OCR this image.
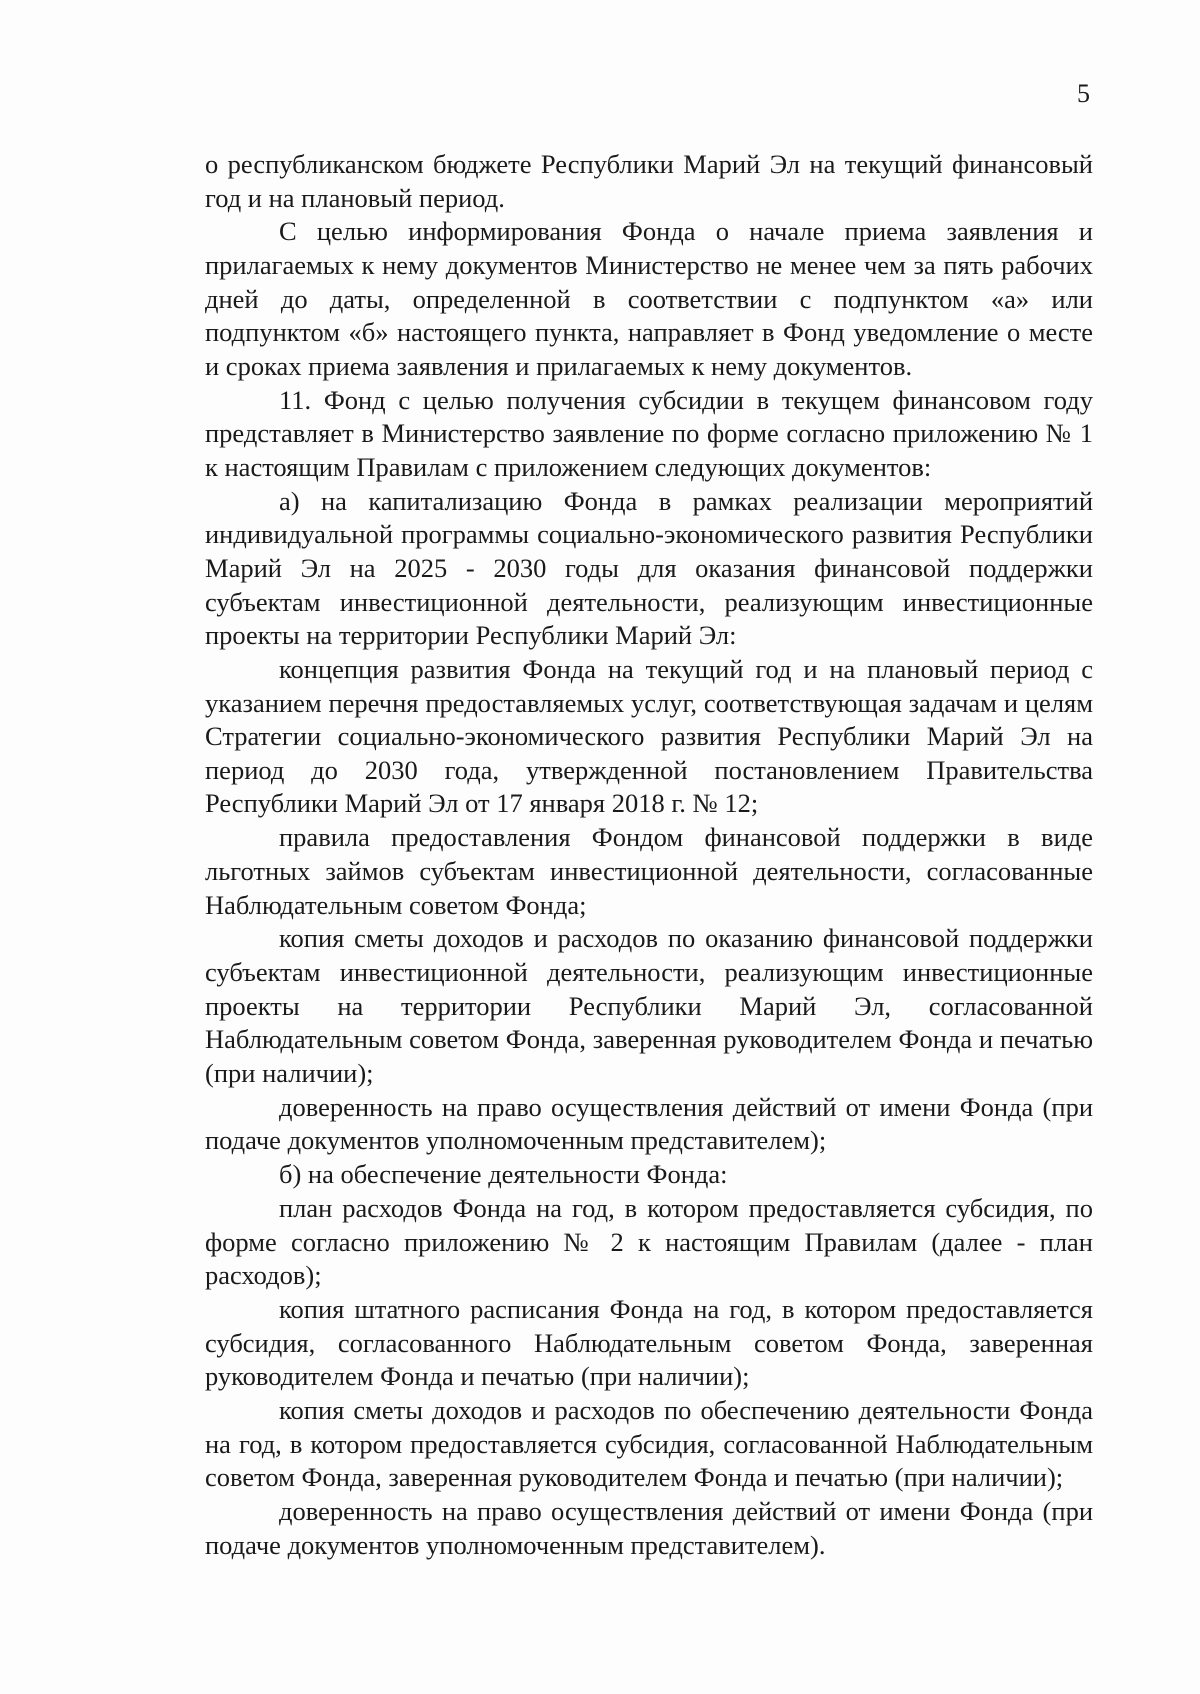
5

о республиканском бюджете Республики Марий Эл на текущий финансовый год и на плановый период.

С целью информирования Фонда о начале приема заявления и прилагаемых к нему документов Министерство не менее чем за пять рабочих дней до даты, определенной в соответствии с подпунктом «а» или подпунктом «б» настоящего пункта, направляет в Фонд уведомление о месте и сроках приема заявления и прилагаемых к нему документов.

11. Фонд с целью получения субсидии в текущем финансовом году представляет в Министерство заявление по форме согласно приложению № 1 к настоящим Правилам с приложением следующих документов:

а) на капитализацию Фонда в рамках реализации мероприятий индивидуальной программы социально-экономического развития Республики Марий Эл на 2025 - 2030 годы для оказания финансовой поддержки субъектам инвестиционной деятельности, реализующим инвестиционные проекты на территории Республики Марий Эл:

концепция развития Фонда на текущий год и на плановый период с указанием перечня предоставляемых услуг, соответствующая задачам и целям Стратегии социально-экономического развития Республики Марий Эл на период до 2030 года, утвержденной постановлением Правительства Республики Марий Эл от 17 января 2018 г. № 12;

правила предоставления Фондом финансовой поддержки в виде льготных займов субъектам инвестиционной деятельности, согласованные Наблюдательным советом Фонда;

копия сметы доходов и расходов по оказанию финансовой поддержки субъектам инвестиционной деятельности, реализующим инвестиционные проекты на территории Республики Марий Эл, согласованной Наблюдательным советом Фонда, заверенная руководителем Фонда и печатью (при наличии);

доверенность на право осуществления действий от имени Фонда (при подаче документов уполномоченным представителем);

б) на обеспечение деятельности Фонда:

план расходов Фонда на год, в котором предоставляется субсидия, по форме согласно приложению № 2 к настоящим Правилам (далее - план расходов);

копия штатного расписания Фонда на год, в котором предоставляется субсидия, согласованного Наблюдательным советом Фонда, заверенная руководителем Фонда и печатью (при наличии);

копия сметы доходов и расходов по обеспечению деятельности Фонда на год, в котором предоставляется субсидия, согласованной Наблюдательным советом Фонда, заверенная руководителем Фонда и печатью (при наличии);

доверенность на право осуществления действий от имени Фонда (при подаче документов уполномоченным представителем).
